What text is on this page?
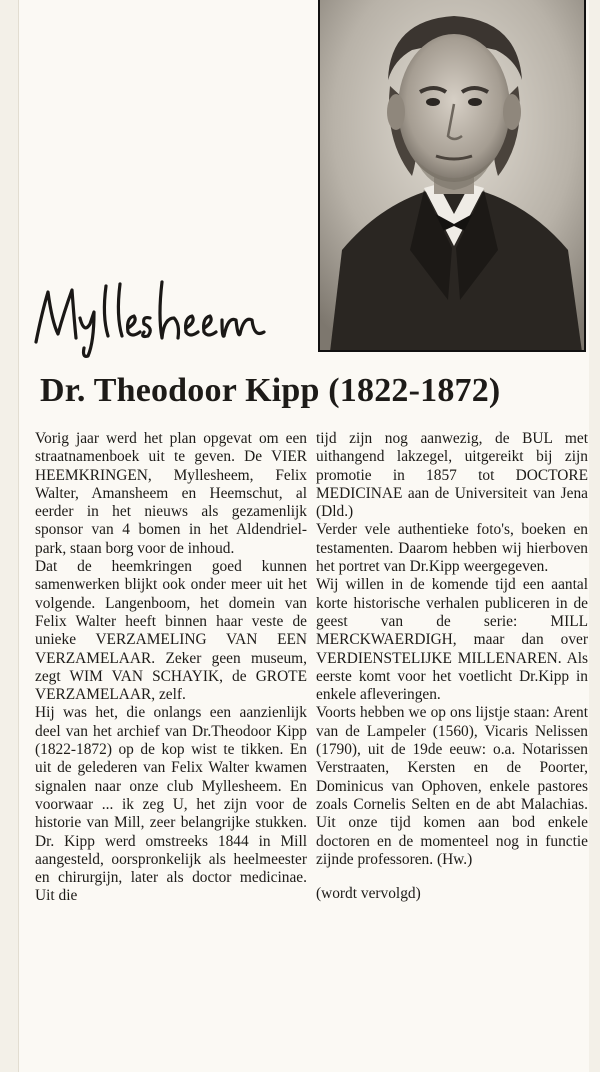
Dr. Theodoor Kipp (1822-1872)

Vorig jaar werd het plan opgevat om een straatnamenboek uit te geven. De VIER HEEMKRINGEN, Myllesheem, Felix Walter, Amansheem en Heemschut, al eerder in het nieuws als gezamenlijk sponsor van 4 bomen in het Aldendriel-park, staan borg voor de inhoud.

Dat de heemkringen goed kunnen samenwerken blijkt ook onder meer uit het volgende. Langenboom, het domein van Felix Walter heeft binnen haar veste de unieke VERZAMELING VAN EEN VERZAMELAAR. Zeker geen museum, zegt WIM VAN SCHAYIK, de GROTE VERZAMELAAR, zelf.

Hij was het, die onlangs een aanzienlijk deel van het archief van Dr.Theodoor Kipp (1822-1872) op de kop wist te tikken. En uit de gelederen van Felix Walter kwamen signalen naar onze club Myllesheem. En voorwaar ... ik zeg U, het zijn voor de historie van Mill, zeer belangrijke stukken. Dr. Kipp werd omstreeks 1844 in Mill aangesteld, oorspronkelijk als heelmeester en chirurgijn, later als doctor medicinae. Uit die

tijd zijn nog aanwezig, de BUL met uithangend lakzegel, uitgereikt bij zijn promotie in 1857 tot DOCTORE MEDICINAE aan de Universiteit van Jena (Dld.)

Verder vele authentieke foto's, boeken en testamenten. Daarom hebben wij hierboven het portret van Dr.Kipp weergegeven.

Wij willen in de komende tijd een aantal korte historische verhalen publiceren in de geest van de serie: MILL MERCKWAERDIGH, maar dan over VERDIENSTELIJKE MILLENAREN. Als eerste komt voor het voetlicht Dr.Kipp in enkele afleveringen.

Voorts hebben we op ons lijstje staan: Arent van de Lampeler (1560), Vicaris Nelissen (1790), uit de 19de eeuw: o.a. Notarissen Verstraaten, Kersten en de Poorter, Dominicus van Ophoven, enkele pastores zoals Cornelis Selten en de abt Malachias. Uit onze tijd komen aan bod enkele doctoren en de momenteel nog in functie zijnde professoren. (Hw.)

(wordt vervolgd)
